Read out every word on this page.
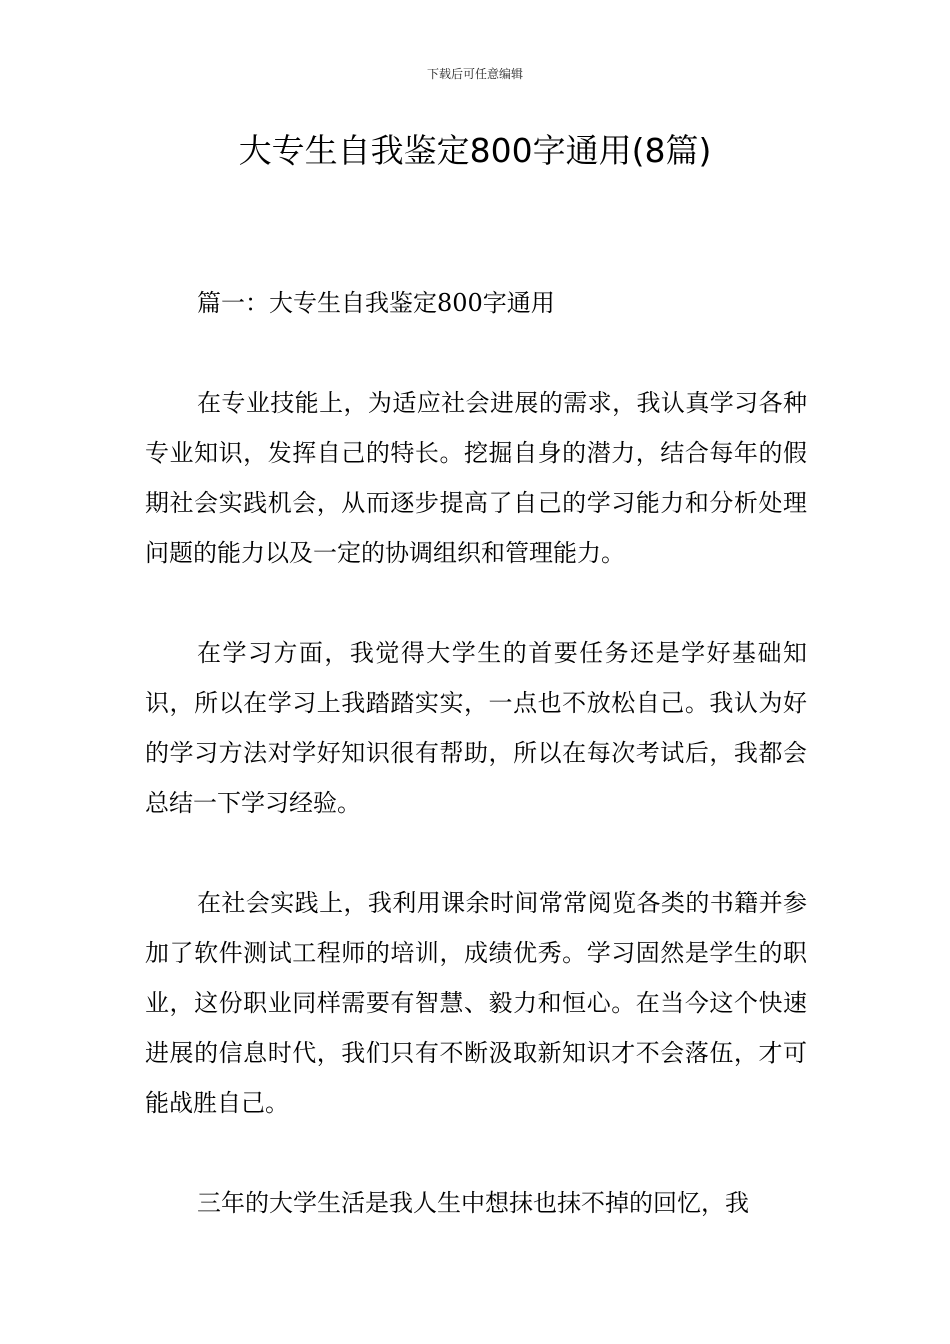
下载后可任意编辑
大专生自我鉴定800字通用(8篇)

篇一：大专生自我鉴定800字通用

在专业技能上，为适应社会进展的需求，我认真学习各种专业知识，发挥自己的特长。挖掘自身的潜力，结合每年的假期社会实践机会，从而逐步提高了自己的学习能力和分析处理问题的能力以及一定的协调组织和管理能力。

在学习方面，我觉得大学生的首要任务还是学好基础知识，所以在学习上我踏踏实实，一点也不放松自己。我认为好的学习方法对学好知识很有帮助，所以在每次考试后，我都会总结一下学习经验。

在社会实践上，我利用课余时间常常阅览各类的书籍并参加了软件测试工程师的培训，成绩优秀。学习固然是学生的职业，这份职业同样需要有智慧、毅力和恒心。在当今这个快速进展的信息时代，我们只有不断汲取新知识才不会落伍，才可能战胜自己。

三年的大学生活是我人生中想抹也抹不掉的回忆，我
